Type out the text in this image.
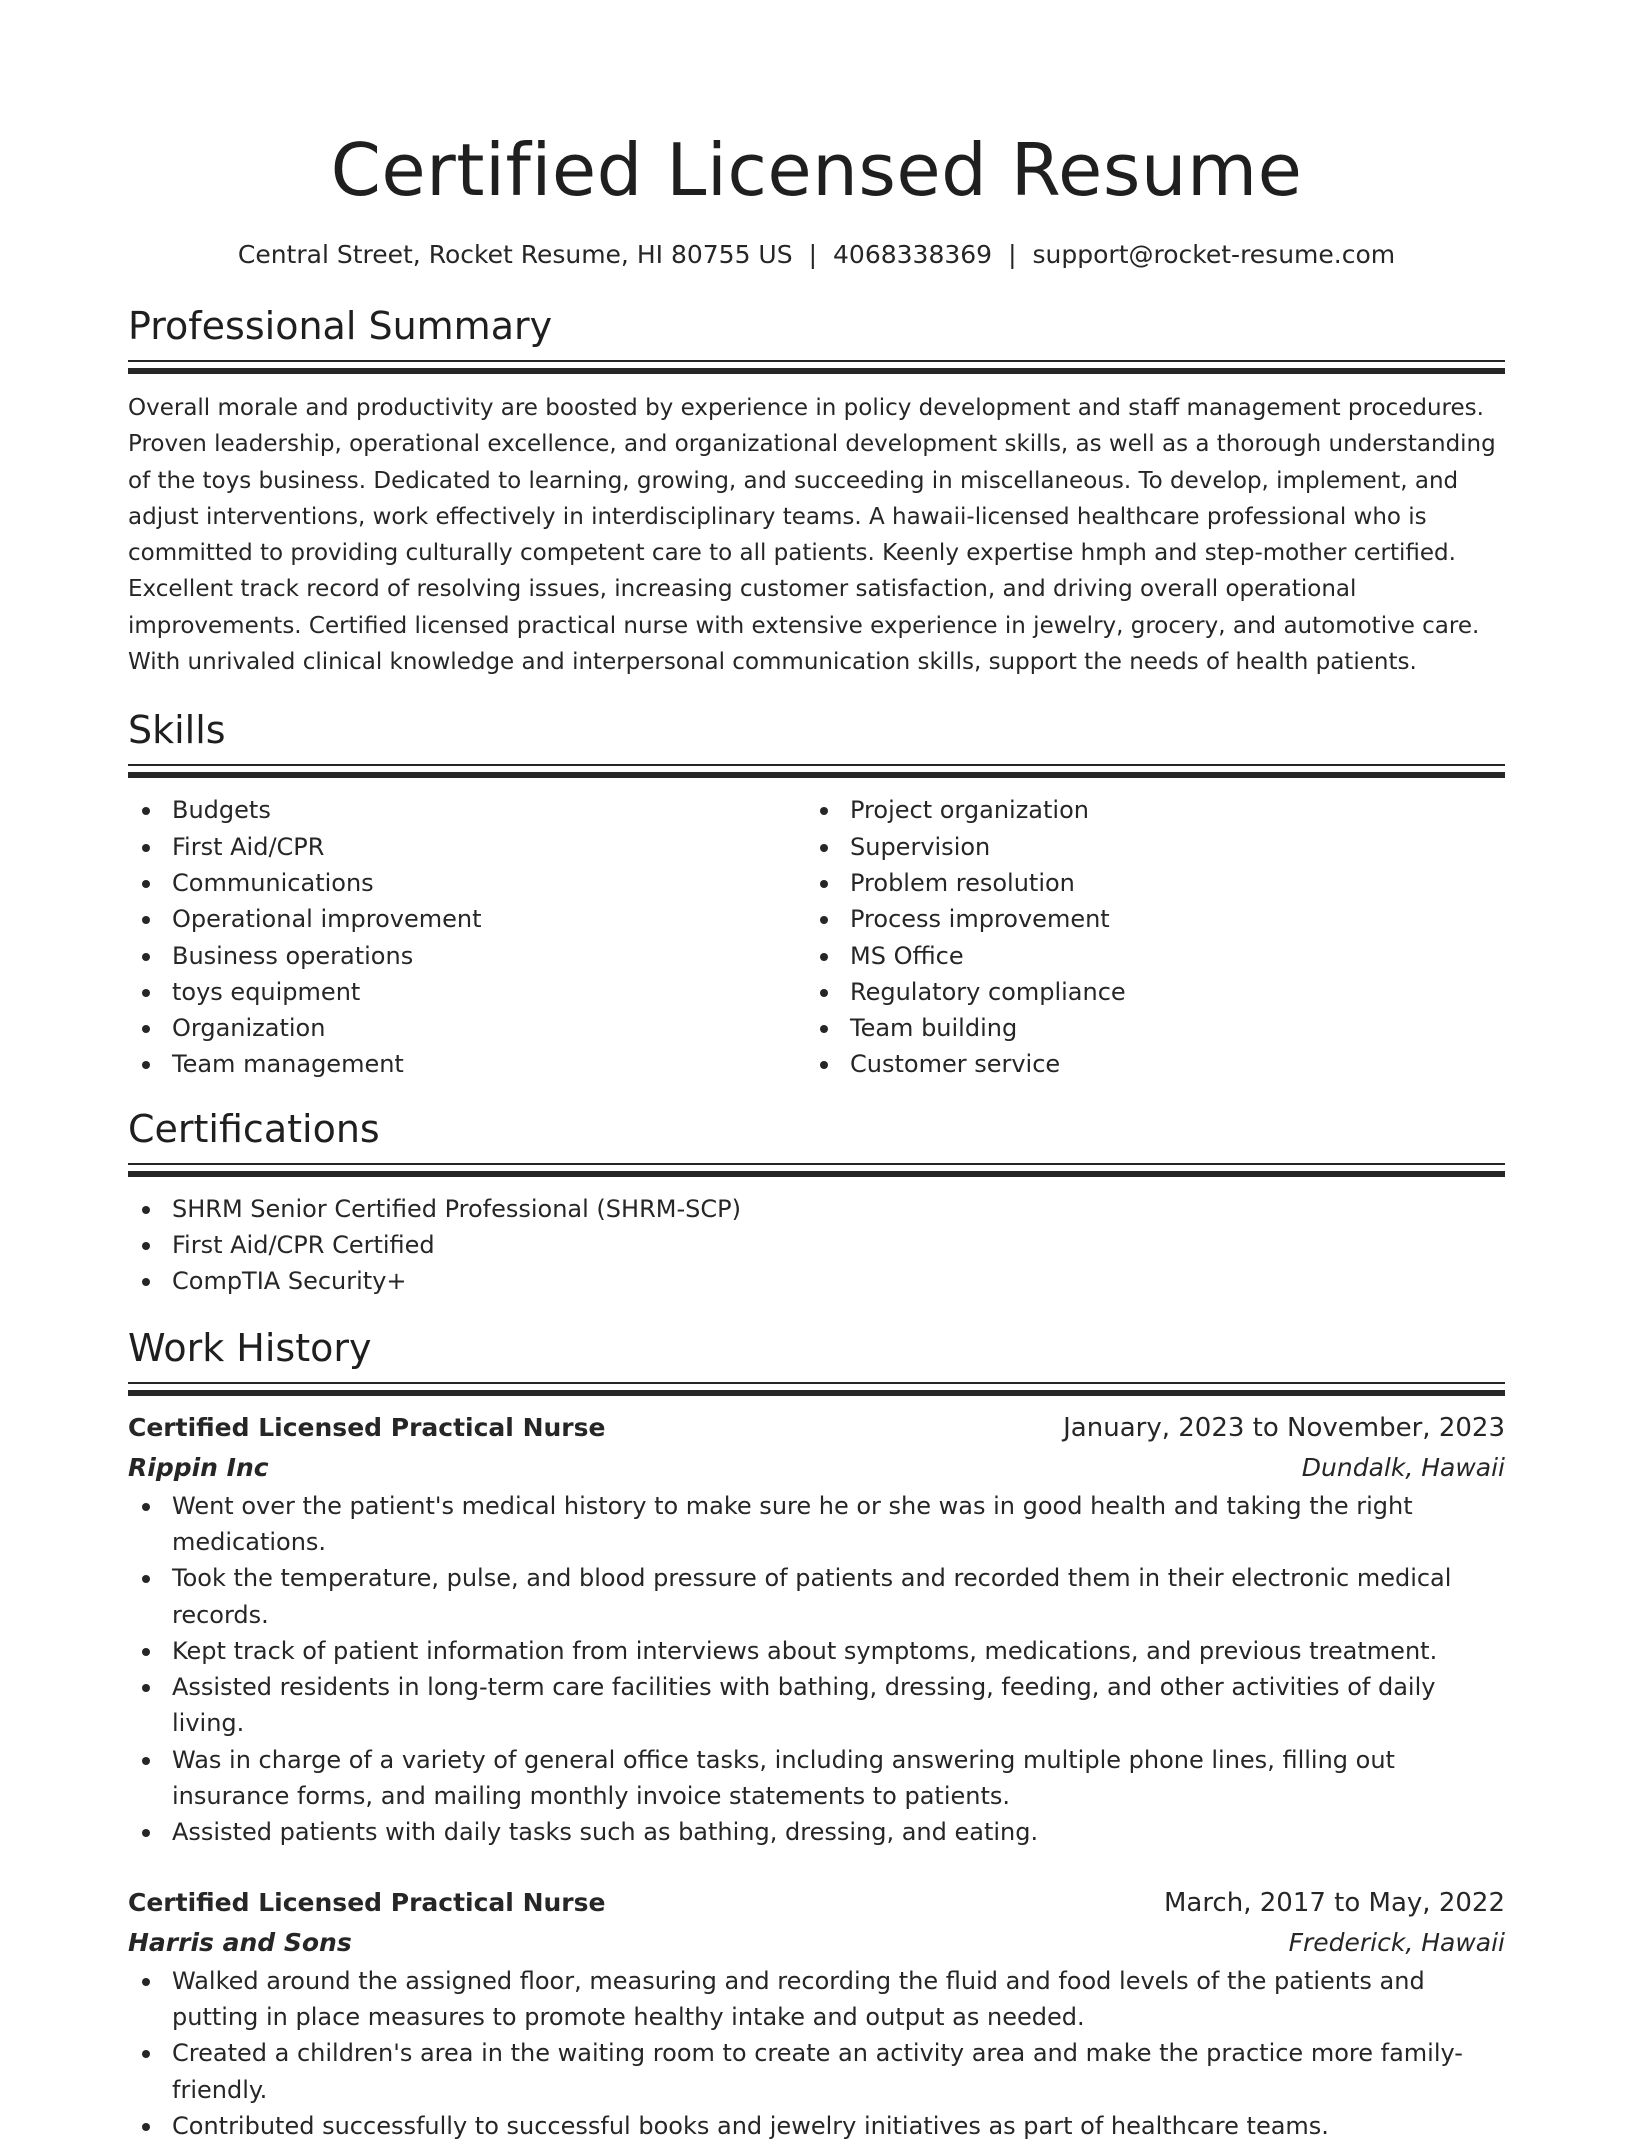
Certified Licensed Resume
Central Street, Rocket Resume, HI 80755 US | 4068338369 | support@rocket-resume.com
Professional Summary

Overall morale and productivity are boosted by experience in policy development and staff management procedures. Proven leadership, operational excellence, and organizational development skills, as well as a thorough understanding of the toys business. Dedicated to learning, growing, and succeeding in miscellaneous. To develop, implement, and adjust interventions, work effectively in interdisciplinary teams. A hawaii-licensed healthcare professional who is committed to providing culturally competent care to all patients. Keenly expertise hmph and step-mother certified. Excellent track record of resolving issues, increasing customer satisfaction, and driving overall operational improvements. Certified licensed practical nurse with extensive experience in jewelry, grocery, and automotive care. With unrivaled clinical knowledge and interpersonal communication skills, support the needs of health patients.

Skills
Budgets
First Aid/CPR
Communications
Operational improvement
Business operations
toys equipment
Organization
Team management
Project organization
Supervision
Problem resolution
Process improvement
MS Office
Regulatory compliance
Team building
Customer service
Certifications
SHRM Senior Certified Professional (SHRM-SCP)
First Aid/CPR Certified
CompTIA Security+
Work History
Certified Licensed Practical Nurse	January, 2023 to November, 2023
Rippin Inc	Dundalk, Hawaii
Went over the patient's medical history to make sure he or she was in good health and taking the right medications.
Took the temperature, pulse, and blood pressure of patients and recorded them in their electronic medical records.
Kept track of patient information from interviews about symptoms, medications, and previous treatment.
Assisted residents in long-term care facilities with bathing, dressing, feeding, and other activities of daily living.
Was in charge of a variety of general office tasks, including answering multiple phone lines, filling out insurance forms, and mailing monthly invoice statements to patients.
Assisted patients with daily tasks such as bathing, dressing, and eating.
Certified Licensed Practical Nurse	March, 2017 to May, 2022
Harris and Sons	Frederick, Hawaii
Walked around the assigned floor, measuring and recording the fluid and food levels of the patients and putting in place measures to promote healthy intake and output as needed.
Created a children's area in the waiting room to create an activity area and make the practice more family-friendly.
Contributed successfully to successful books and jewelry initiatives as part of healthcare teams.
